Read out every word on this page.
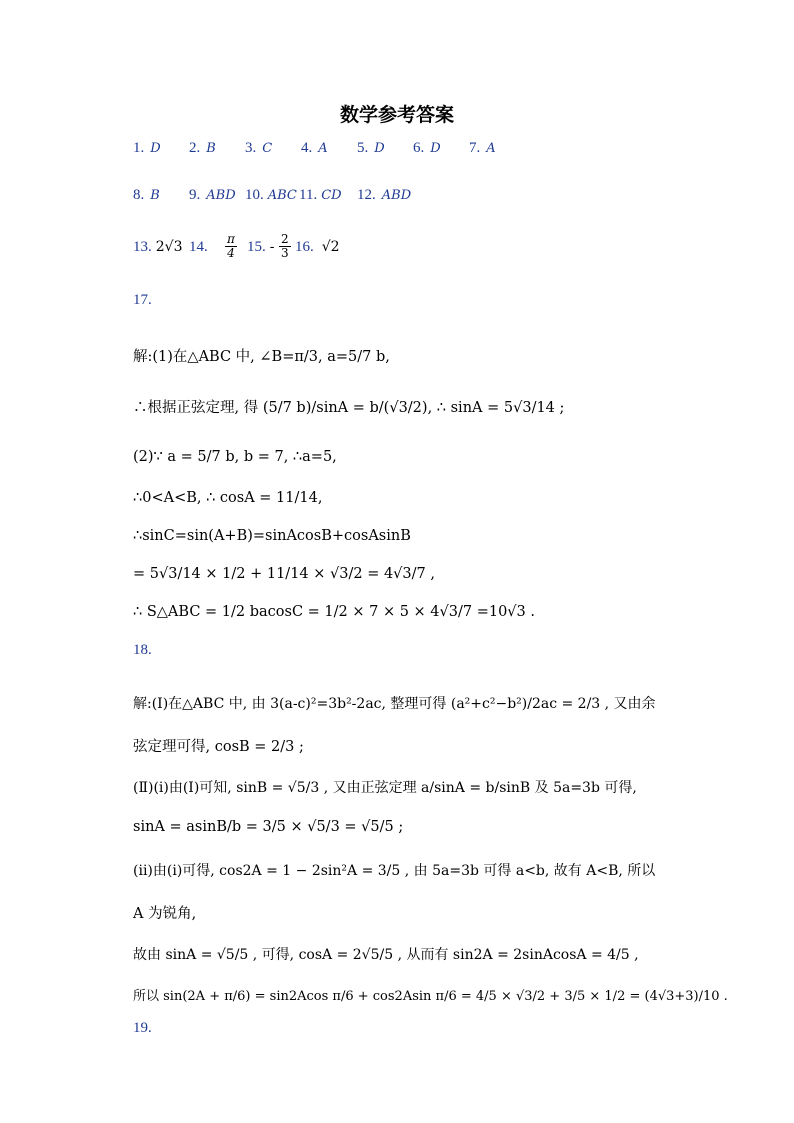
数学参考答案
1. D 2. B 3. C 4. A 5. D 6. D 7. A
8. B 9. ABD 10. ABC 11. CD 12. ABD
13. 2√3 14. $\frac{\pi}{4} 15$. - $\frac{2}{3} 16$. √2
17.
解:(1)在△ABC 中, ∠B=π/3, a=5/7 b,
∴根据正弦定理, 得 (5/7 b)/sinA = b/(√3/2), ∴ sinA = 5√3/14 ;
(2)∵ a = 5/7 b, b = 7, ∴a=5,
∴0<A<B, ∴ cosA = 11/14,
∴sinC=sin(A+B)=sinAcosB+cosAsinB
= 5√3/14 × 1/2 + 11/14 × √3/2 = 4√3/7 ,
∴ S△ABC = 1/2 bacosC = 1/2 × 7 × 5 × 4√3/7 =10√3 .
18.
解:(Ⅰ)在△ABC 中, 由 3(a-c)²=3b²-2ac, 整理可得 (a²+c²−b²)/2ac = 2/3 , 又由余
弦定理可得, cosB = 2/3 ;
(Ⅱ)(i)由(Ⅰ)可知, sinB = √5/3 , 又由正弦定理 a/sinA = b/sinB 及 5a=3b 可得,
sinA = asinB/b = 3/5 × √5/3 = √5/5 ;
(ii)由(i)可得, cos2A = 1 − 2sin²A = 3/5 , 由 5a=3b 可得 a<b, 故有 A<B, 所以
A 为锐角,
故由 sinA = √5/5 , 可得, cosA = 2√5/5 , 从而有 sin2A = 2sinAcosA = 4/5 ,
所以 sin(2A + π/6) = sin2Acos π/6 + cos2Asin π/6 = 4/5 × √3/2 + 3/5 × 1/2 = (4√3+3)/10 .
19.
